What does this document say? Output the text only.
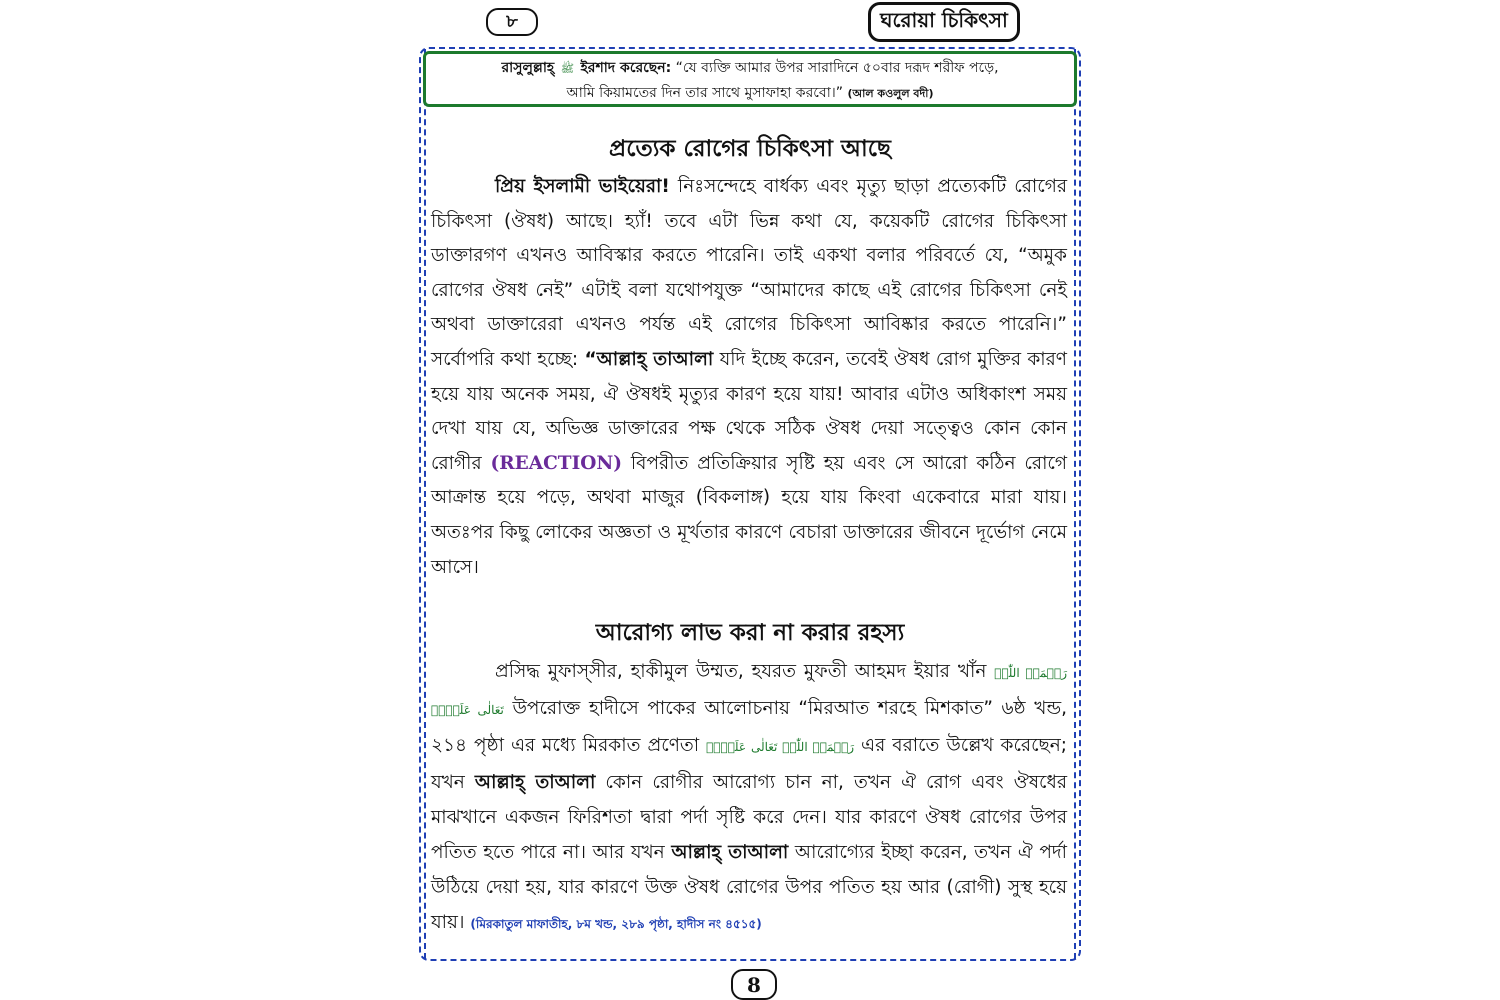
৮	ঘরোয়া চিকিৎসা
রাসুলুল্লাহ্ ﷺ ইরশাদ করেছেন: “যে ব্যক্তি আমার উপর সারাদিনে ৫০বার দরূদ শরীফ পড়ে,
আমি কিয়ামতের দিন তার সাথে মুসাফাহা করবো।” (আল কওলুল বদী)
প্রত্যেক রোগের চিকিৎসা আছে

প্রিয় ইসলামী ভাইয়েরা! নিঃসন্দেহে বার্ধক্য এবং মৃত্যু ছাড়া প্রত্যেকটি রোগের চিকিৎসা (ঔষধ) আছে। হ্যাঁ! তবে এটা ভিন্ন কথা যে, কয়েকটি রোগের চিকিৎসা ডাক্তারগণ এখনও আবিস্কার করতে পারেনি। তাই একথা বলার পরিবর্তে যে, “অমুক রোগের ঔষধ নেই” এটাই বলা যথোপযুক্ত “আমাদের কাছে এই রোগের চিকিৎসা নেই অথবা ডাক্তারেরা এখনও পর্যন্ত এই রোগের চিকিৎসা আবিষ্কার করতে পারেনি।” সর্বোপরি কথা হচ্ছে: “আল্লাহ্ তাআলা যদি ইচ্ছে করেন, তবেই ঔষধ রোগ মুক্তির কারণ হয়ে যায় অনেক সময়, ঐ ঔষধই মৃত্যুর কারণ হয়ে যায়! আবার এটাও অধিকাংশ সময় দেখা যায় যে, অভিজ্ঞ ডাক্তারের পক্ষ থেকে সঠিক ঔষধ দেয়া সত্ত্বেও কোন কোন রোগীর (REACTION) বিপরীত প্রতিক্রিয়ার সৃষ্টি হয় এবং সে আরো কঠিন রোগে আক্রান্ত হয়ে পড়ে, অথবা মাজুর (বিকলাঙ্গ) হয়ে যায় কিংবা একেবারে মারা যায়। অতঃপর কিছু লোকের অজ্ঞতা ও মূর্খতার কারণে বেচারা ডাক্তারের জীবনে দূর্ভোগ নেমে আসে।

আরোগ্য লাভ করা না করার রহস্য

প্রসিদ্ধ মুফাস্সীর, হাকীমুল উম্মত, হযরত মুফতী আহমদ ইয়ার খাঁন رَحۡمَۃُ اللّٰہِ تَعَالٰی عَلَیۡہِ উপরোক্ত হাদীসে পাকের আলোচনায় “মিরআত শরহে মিশকাত” ৬ষ্ঠ খন্ড, ২১৪ পৃষ্ঠা এর মধ্যে মিরকাত প্রণেতা رَحۡمَۃُ اللّٰہِ تَعَالٰی عَلَیۡہِ এর বরাতে উল্লেখ করেছেন; যখন আল্লাহ্ তাআলা কোন রোগীর আরোগ্য চান না, তখন ঐ রোগ এবং ঔষধের মাঝখানে একজন ফিরিশতা দ্বারা পর্দা সৃষ্টি করে দেন। যার কারণে ঔষধ রোগের উপর পতিত হতে পারে না। আর যখন আল্লাহ্ তাআলা আরোগ্যের ইচ্ছা করেন, তখন ঐ পর্দা উঠিয়ে দেয়া হয়, যার কারণে উক্ত ঔষধ রোগের উপর পতিত হয় আর (রোগী) সুস্থ হয়ে যায়। (মিরকাতুল মাফাতীহ, ৮ম খন্ড, ২৮৯ পৃষ্ঠা, হাদীস নং ৪৫১৫)

8
